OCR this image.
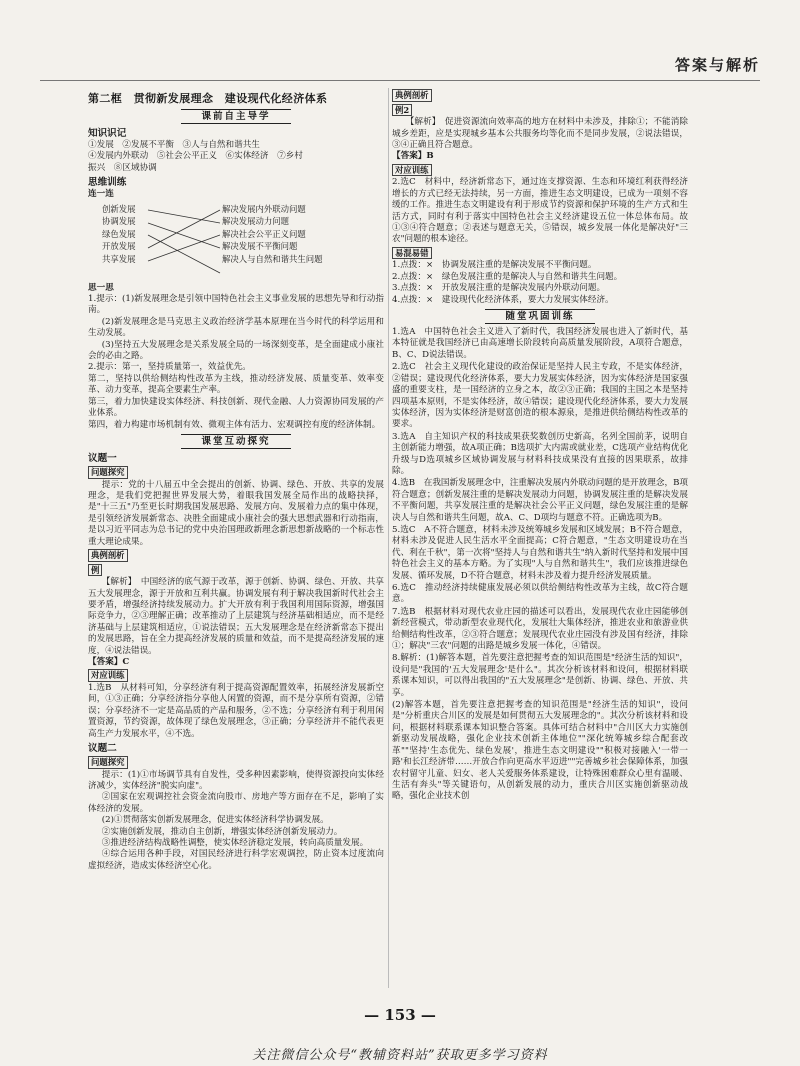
答案与解析
第二框　贯彻新发展理念　建设现代化经济体系
课前自主导学
知识识记
①发展　②发展不平衡　③人与自然和谐共生
④发展内外联动　⑤社会公平正义　⑥实体经济　⑦乡村
振兴　⑧区域协调
思维训练
连一连
创新发展
协调发展
绿色发展
开放发展
共享发展
解决发展内外联动问题
解决发展动力问题
解决社会公平正义问题
解决发展不平衡问题
解决人与自然和谐共生问题
思一思
1.提示：(1)新发展理念是引领中国特色社会主义事业发展的思想先导和行动指南。
(2)新发展理念是马克思主义政治经济学基本原理在当今时代的科学运用和生动发展。
(3)坚持五大发展理念是关系发展全局的一场深刻变革，是全面建成小康社会的必由之路。
2.提示：第一，坚持质量第一，效益优先。
第二，坚持以供给侧结构性改革为主线，推动经济发展、质量变革、效率变革、动力变革，提高全要素生产率。
第三，着力加快建设实体经济、科技创新、现代金融、人力资源协同发展的产业体系。
第四，着力构建市场机制有效、微观主体有活力、宏观调控有度的经济体制。
课堂互动探究
议题一
问题探究
提示：党的十八届五中全会提出的创新、协调、绿色、开放、共享的发展理念，是我们党把握世界发展大势，着眼我国发展全局作出的战略抉择，是"十三五"乃至更长时期我国发展思路、发展方向、发展着力点的集中体现，是引领经济发展新常态、决胜全面建成小康社会的强大思想武器和行动指南，是以习近平同志为总书记的党中央治国理政新理念新思想新战略的一个标志性重大理论成果。
典例剖析
例
【解析】　中国经济的底气源于改革，源于创新、协调、绿色、开放、共享五大发展理念，源于开放和互利共赢。协调发展有利于解决我国新时代社会主要矛盾，增强经济持续发展动力。扩大开放有利于我国利用国际资源，增强国际竞争力，②③理解正确；改革推动了上层建筑与经济基础相适应，而不是经济基础与上层建筑相适应，①说法错误；五大发展理念是在经济新常态下提出的发展思路，旨在全力提高经济发展的质量和效益，而不是提高经济发展的速度，④说法错误。
【答案】C
对应训练
1.选B　从材料可知，分享经济有利于提高资源配置效率，拓展经济发展新空间，①③正确；分享经济指分享他人闲置的资源，而不是分享所有资源，②错误；分享经济不一定是高品质的产品和服务，②不选；分享经济有利于利用闲置资源，节约资源，故体现了绿色发展理念，③正确；分享经济并不能代表更高生产力发展水平，④不选。
议题二
问题探究
提示：(1)①市场调节具有自发性，受多种因素影响，使得资源投向实体经济减少，实体经济"脱实向虚"。
②国家在宏观调控社会资金流向股市、房地产等方面存在不足，影响了实体经济的发展。
(2)①贯彻落实创新发展理念，促进实体经济科学协调发展。
②实施创新发展，推动自主创新，增强实体经济创新发展动力。
③推进经济结构战略性调整，使实体经济稳定发展，转向高质量发展。
④综合运用各种手段，对国民经济进行科学宏观调控，防止资本过度流向虚拟经济，造成实体经济空心化。
典例剖析
例2
【解析】　促进资源流向效率高的地方在材料中未涉及，排除①；不能消除城乡差距，应是实现城乡基本公共服务均等化而不是同步发展，②说法错误，③④正确且符合题意。
【答案】B
对应训练
2.选C　材料中，经济新常态下，通过连支撑资源、生态和环境红利获得经济增长的方式已经无法持续，另一方面，推进生态文明建设，已成为一项刻不容缓的工作。推进生态文明建设有利于形成节约资源和保护环境的生产方式和生活方式，同时有利于落实中国特色社会主义经济建设五位一体总体布局。故①③④符合题意；②表述与题意无关，⑤错误，城乡发展一体化是解决好"三农"问题的根本途径。
易混易错
1.点拨：×　协调发展注重的是解决发展不平衡问题。
2.点拨：×　绿色发展注重的是解决人与自然和谐共生问题。
3.点拨：×　开放发展注重的是解决发展内外联动问题。
4.点拨：×　建设现代化经济体系，要大力发展实体经济。
随堂巩固训练
1.选A　中国特色社会主义进入了新时代，我国经济发展也进入了新时代，基本特征就是我国经济已由高速增长阶段转向高质量发展阶段，A项符合题意，B、C、D说法错误。
2.选C　社会主义现代化建设的政治保证是坚持人民主专政，不是实体经济，②错误；建设现代化经济体系，要大力发展实体经济，因为实体经济是国家强盛的重要支柱，是一国经济的立身之本，故②③正确；我国的主国之本是坚持四项基本原则，不是实体经济，故④错误；建设现代化经济体系，要大力发展实体经济，因为实体经济是财富创造的根本源泉，是推进供给侧结构性改革的要求。
3.选A　自主知识产权的科技成果获奖数创历史新高，名列全国前茅，说明自主创新能力增强，故A项正确；B选项扩大内需或就业差，C选项产业结构优化升级与D选项城乡区域协调发展与材料科技成果没有直接的因果联系，故排除。
4.选B　在我国新发展理念中，注重解决发展内外联动问题的是开放理念，B项符合题意；创新发展注重的是解决发展动力问题，协调发展注重的是解决发展不平衡问题，共享发展注重的是解决社会公平正义问题，绿色发展注重的是解决人与自然和谐共生问题，故A、C、D项均与题意不符。正确选项为B。
5.选C　A不符合题意，材料未涉及统筹城乡发展和区域发展；B不符合题意，材料未涉及促进人民生活水平全面提高；C符合题意，"生态文明建设功在当代、利在千秋"，第一次将"坚持人与自然和谐共生"纳入新时代坚持和发展中国特色社会主义的基本方略。为了实现"人与自然和谐共生"，我们应该推进绿色发展、循环发展，D不符合题意，材料未涉及着力提升经济发展质量。
6.选C　推动经济持续健康发展必须以供给侧结构性改革为主线，故C符合题意。
7.选B　根据材料对现代农业庄园的描述可以看出，发展现代农业庄园能够创新经营模式，带动新型农业现代化，发展壮大集体经济，推进农业和旅游业供给侧结构性改革，②③符合题意；发展现代农业庄园没有涉及国有经济，排除①；解决"三农"问题的出路是城乡发展一体化，④错误。
8.解析：(1)解答本题，首先要注意把握考查的知识范围是"经济生活的知识"，设问是"我国的'五大发展理念'是什么"。其次分析该材料和设问，根据材料联系课本知识，可以得出我国的"五大发展理念"是创新、协调、绿色、开放、共享。
(2)解答本题，首先要注意把握考查的知识范围是"经济生活的知识"，设问是"分析重庆合川区的发展是如何贯彻五大发展理念的"。其次分析该材料和设问，根据材料联系课本知识整合答案。具体可结合材料中"合川区大力实施创新驱动发展战略，强化企业技术创新主体地位""深化统筹城乡综合配套改革""坚持'生态优先、绿色发展'，推进生态文明建设""积极对接融入'一带一路'和长江经济带……开放合作向更高水平迈进""完善城乡社会保障体系，加强农村留守儿童、妇女、老人关爱服务体系建设，让特殊困难群众心里有温暖、生活有奔头"等关键语句，从创新发展的动力，重庆合川区实施创新驱动战略，强化企业技术创
— 153 —
关注微信公众号“教辅资料站”获取更多学习资料
